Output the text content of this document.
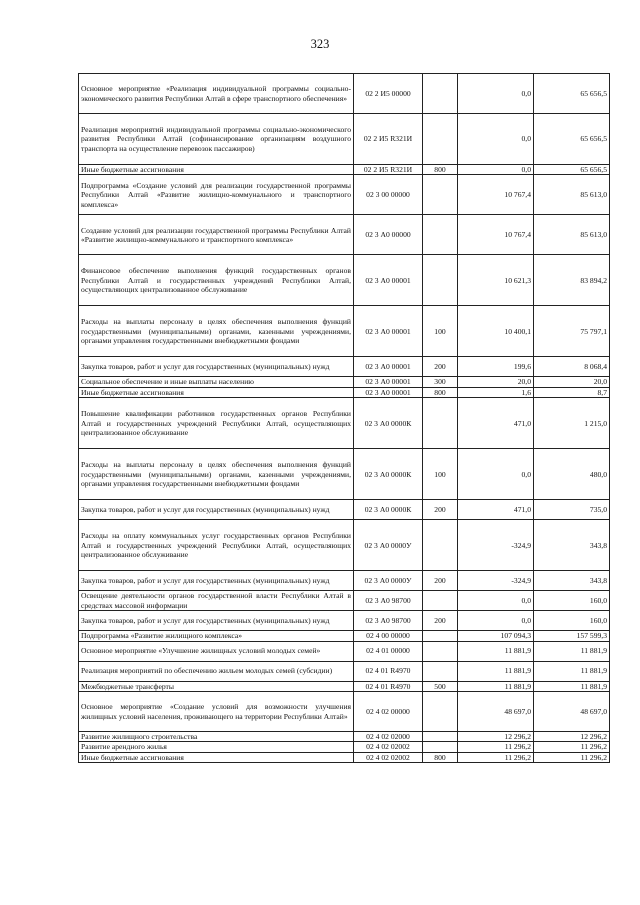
323
Основное мероприятие «Реализация индивидуальной программы социально-экономического развития Республики Алтай в сфере транспортного обеспечения»	02 2 И5 00000		0,0	65 656,5
Реализация мероприятий индивидуальной программы социально-экономического развития Республики Алтай (софинансирование организациям воздушного транспорта на осуществление перевозок пассажиров)	02 2 И5 R321И		0,0	65 656,5
Иные бюджетные ассигнования	02 2 И5 R321И	800	0,0	65 656,5
Подпрограмма «Создание условий для реализации государственной программы Республики Алтай «Развитие жилищно-коммунального и транспортного комплекса»	02 3 00 00000		10 767,4	85 613,0
Создание условий для реализации государственной программы Республики Алтай «Развитие жилищно-коммунального и транспортного комплекса»	02 3 А0 00000		10 767,4	85 613,0
Финансовое обеспечение выполнения функций государственных органов Республики Алтай и государственных учреждений Республики Алтай, осуществляющих централизованное обслуживание	02 3 А0 00001		10 621,3	83 894,2
Расходы на выплаты персоналу в целях обеспечения выполнения функций государственными (муниципальными) органами, казенными учреждениями, органами управления государственными внебюджетными фондами	02 3 А0 00001	100	10 400,1	75 797,1
Закупка товаров, работ и услуг для государственных (муниципальных) нужд	02 3 А0 00001	200	199,6	8 068,4
Социальное обеспечение и иные выплаты населению	02 3 А0 00001	300	20,0	20,0
Иные бюджетные ассигнования	02 3 А0 00001	800	1,6	8,7
Повышение квалификации работников государственных органов Республики Алтай и государственных учреждений Республики Алтай, осуществляющих централизованное обслуживание	02 3 А0 0000К		471,0	1 215,0
Расходы на выплаты персоналу в целях обеспечения выполнения функций государственными (муниципальными) органами, казенными учреждениями, органами управления государственными внебюджетными фондами	02 3 А0 0000К	100	0,0	480,0
Закупка товаров, работ и услуг для государственных (муниципальных) нужд	02 3 А0 0000К	200	471,0	735,0
Расходы на оплату коммунальных услуг государственных органов Республики Алтай и государственных учреждений Республики Алтай, осуществляющих централизованное обслуживание	02 3 А0 0000У		-324,9	343,8
Закупка товаров, работ и услуг для государственных (муниципальных) нужд	02 3 А0 0000У	200	-324,9	343,8
Освещение деятельности органов государственной власти Республики Алтай в средствах массовой информации	02 3 А0 98700		0,0	160,0
Закупка товаров, работ и услуг для государственных (муниципальных) нужд	02 3 А0 98700	200	0,0	160,0
Подпрограмма «Развитие жилищного комплекса»	02 4 00 00000		107 094,3	157 599,3
Основное мероприятие «Улучшение жилищных условий молодых семей»	02 4 01 00000		11 881,9	11 881,9
Реализация мероприятий по обеспечению жильем молодых семей (субсидии)	02 4 01 R4970		11 881,9	11 881,9
Межбюджетные трансферты	02 4 01 R4970	500	11 881,9	11 881,9
Основное мероприятие «Создание условий для возможности улучшения жилищных условий населения, проживающего на территории Республики Алтай»	02 4 02 00000		48 697,0	48 697,0
Развитие жилищного строительства	02 4 02 02000		12 296,2	12 296,2
Развитие арендного жилья	02 4 02 02002		11 296,2	11 296,2
Иные бюджетные ассигнования	02 4 02 02002	800	11 296,2	11 296,2
